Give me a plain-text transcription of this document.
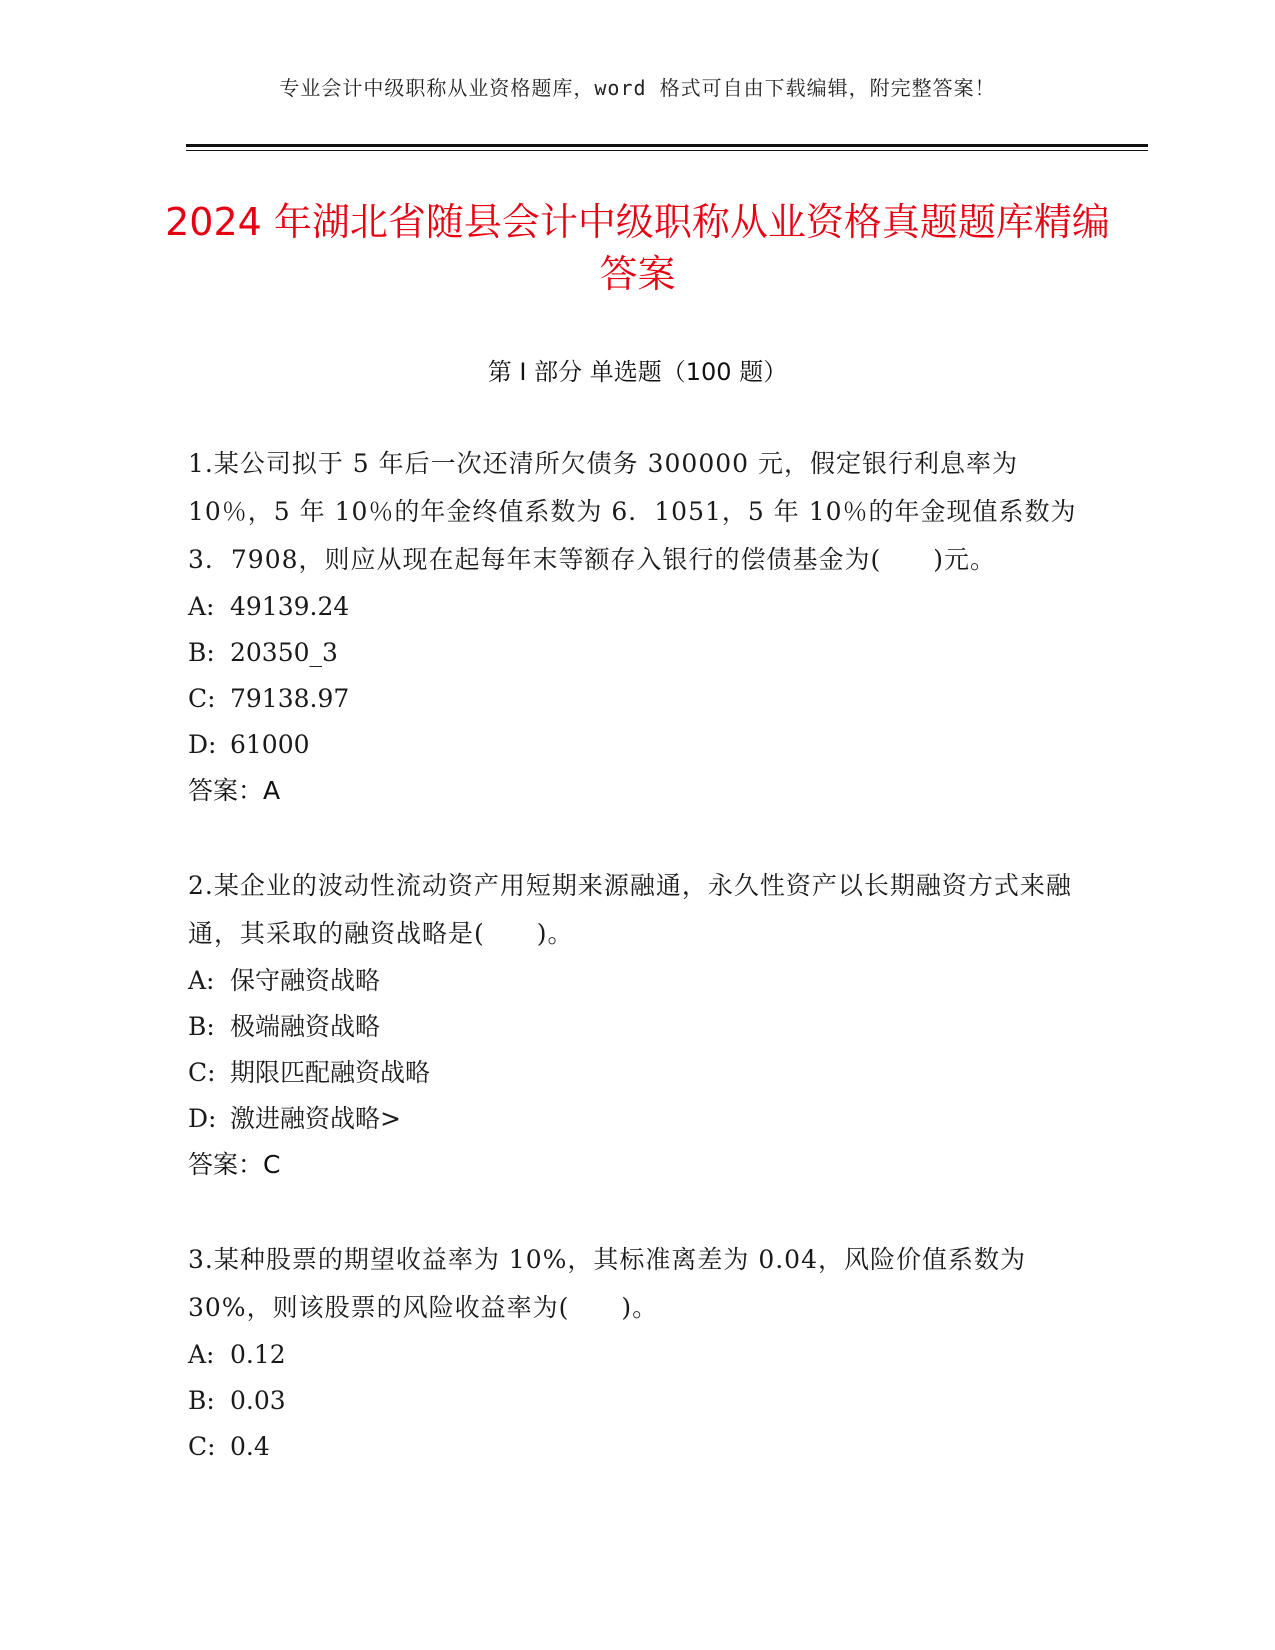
专业会计中级职称从业资格题库，word 格式可自由下载编辑，附完整答案！
2024 年湖北省随县会计中级职称从业资格真题题库精编答案
第 I 部分 单选题（100 题）

1.某公司拟于 5 年后一次还清所欠债务 300000 元，假定银行利息率为 10％，5 年 10％的年金终值系数为 6．1051，5 年 10％的年金现值系数为 3．7908，则应从现在起每年末等额存入银行的偿债基金为(　　)元。

A: 49139.24
B: 20350_3
C: 79138.97
D: 61000
答案：A

2.某企业的波动性流动资产用短期来源融通，永久性资产以长期融资方式来融通，其采取的融资战略是(　　)。

A: 保守融资战略
B: 极端融资战略
C: 期限匹配融资战略
D: 激进融资战略>
答案：C

3.某种股票的期望收益率为 10%，其标准离差为 0.04，风险价值系数为 30%，则该股票的风险收益率为(　　)。

A: 0.12
B: 0.03
C: 0.4
